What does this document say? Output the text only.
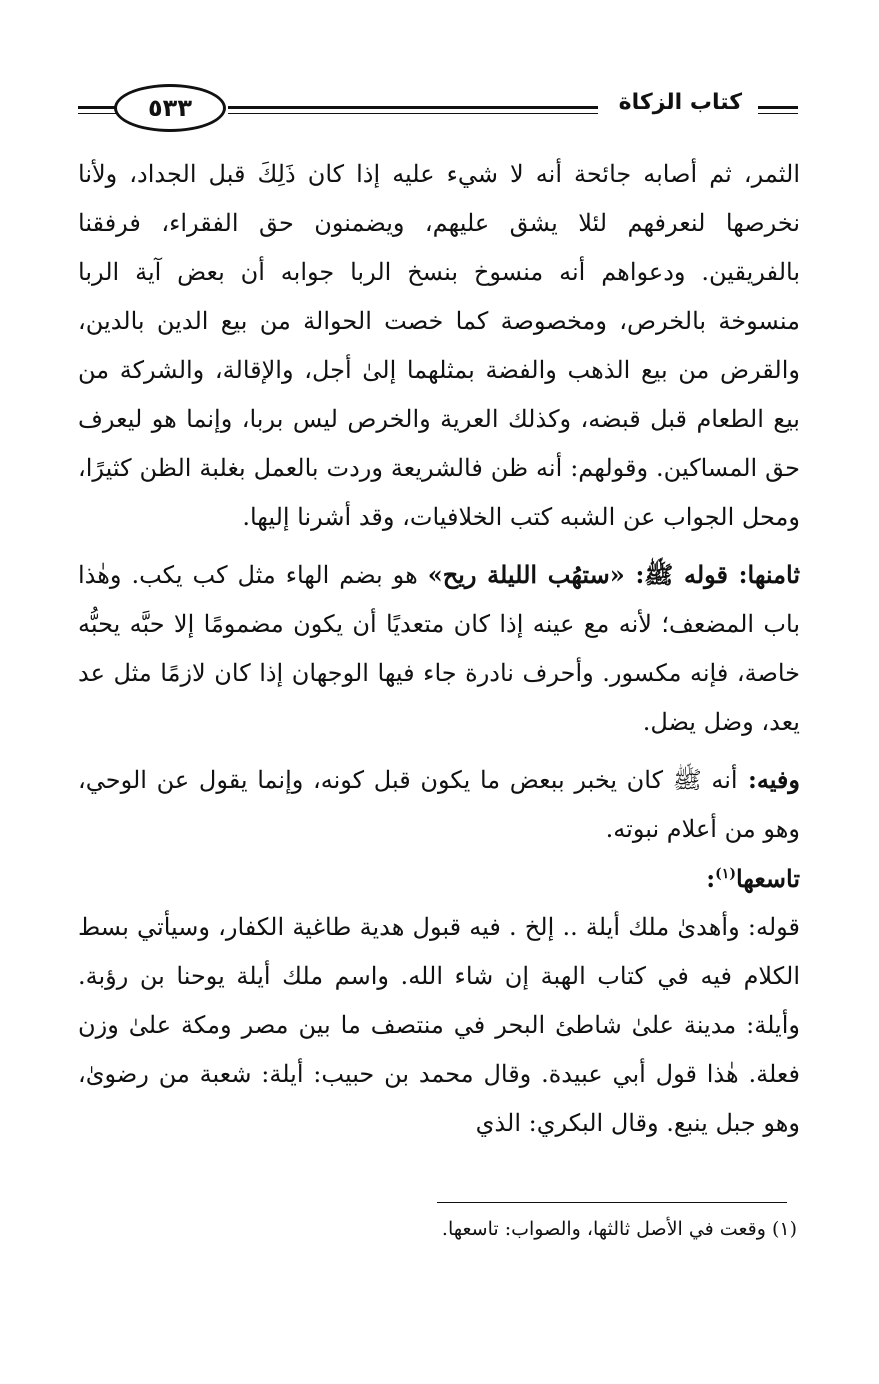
٥٣٣	كتاب الزكاة

الثمر، ثم أصابه جائحة أنه لا شيء عليه إذا كان ذَلِكَ قبل الجداد، ولأنا نخرصها لنعرفهم لئلا يشق عليهم، ويضمنون حق الفقراء، فرفقنا بالفريقين. ودعواهم أنه منسوخ بنسخ الربا جوابه أن بعض آية الربا منسوخة بالخرص، ومخصوصة كما خصت الحوالة من بيع الدين بالدين، والقرض من بيع الذهب والفضة بمثلهما إلىٰ أجل، والإقالة، والشركة من بيع الطعام قبل قبضه، وكذلك العرية والخرص ليس بربا، وإنما هو ليعرف حق المساكين. وقولهم: أنه ظن فالشريعة وردت بالعمل بغلبة الظن كثيرًا، ومحل الجواب عن الشبه كتب الخلافيات، وقد أشرنا إليها.

ثامنها: قوله ﷺ: «ستهُب الليلة ريح» هو بضم الهاء مثل كب يكب. وهٰذا باب المضعف؛ لأنه مع عينه إذا كان متعديًا أن يكون مضمومًا إلا حبَّه يحبُّه خاصة، فإنه مكسور. وأحرف نادرة جاء فيها الوجهان إذا كان لازمًا مثل عد يعد، وضل يضل.

وفيه: أنه ﷺ كان يخبر ببعض ما يكون قبل كونه، وإنما يقول عن الوحي، وهو من أعلام نبوته.

تاسعها$^{(١)}$:

قوله: وأهدىٰ ملك أيلة .. إلخ . فيه قبول هدية طاغية الكفار، وسيأتي بسط الكلام فيه في كتاب الهبة إن شاء الله. واسم ملك أيلة يوحنا بن رؤبة. وأيلة: مدينة علىٰ شاطئ البحر في منتصف ما بين مصر ومكة علىٰ وزن فعلة. هٰذا قول أبي عبيدة. وقال محمد بن حبيب: أيلة: شعبة من رضوىٰ، وهو جبل ينبع. وقال البكري: الذي

(١) وقعت في الأصل ثالثها، والصواب: تاسعها.
